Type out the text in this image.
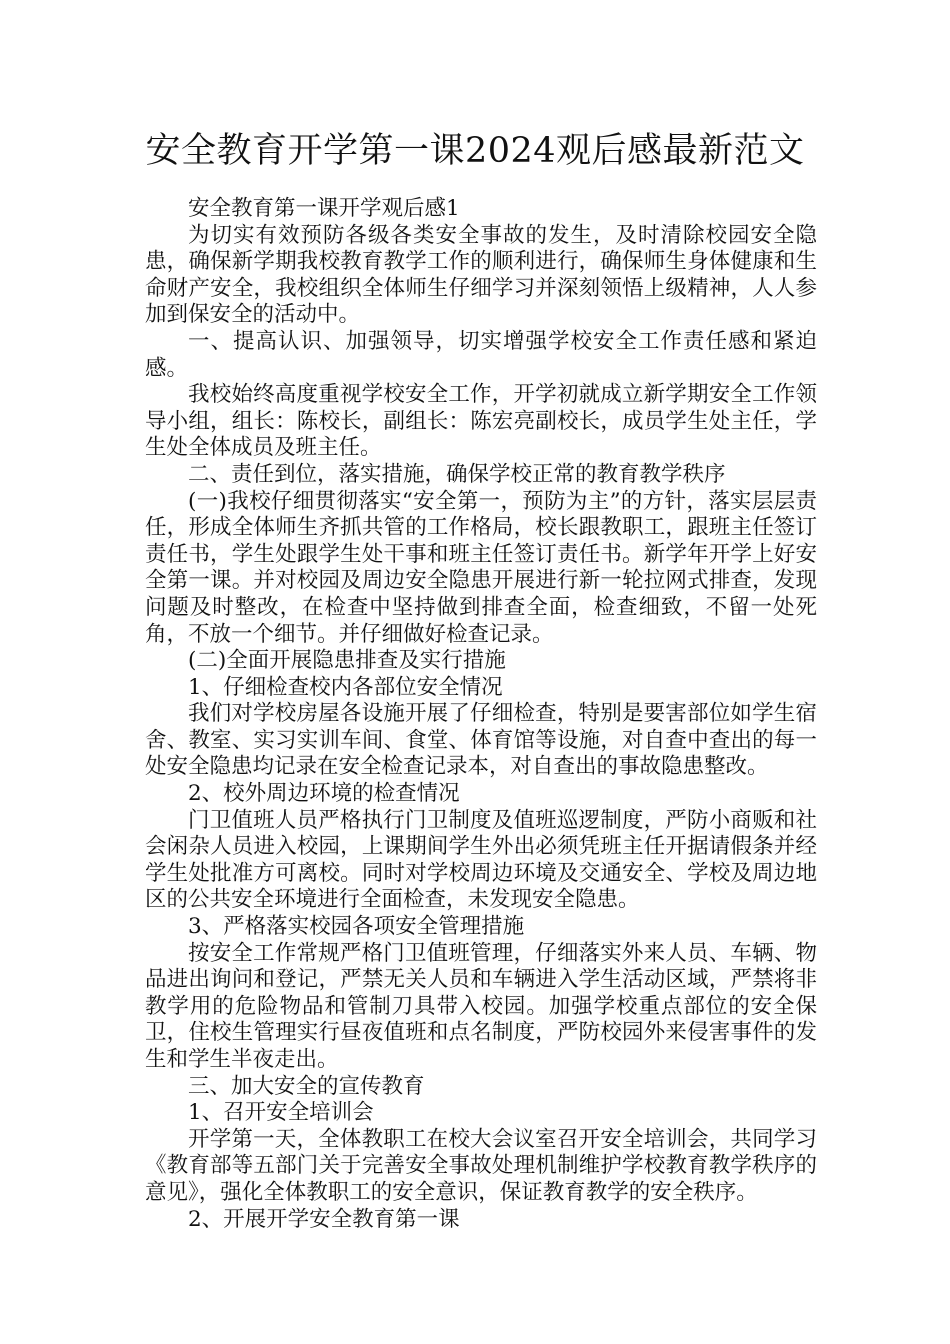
安全教育开学第一课2024观后感最新范文

安全教育第一课开学观后感1

为切实有效预防各级各类安全事故的发生，及时清除校园安全隐患，确保新学期我校教育教学工作的顺利进行，确保师生身体健康和生命财产安全，我校组织全体师生仔细学习并深刻领悟上级精神，人人参加到保安全的活动中。

一、提高认识、加强领导，切实增强学校安全工作责任感和紧迫感。

我校始终高度重视学校安全工作，开学初就成立新学期安全工作领导小组，组长：陈校长，副组长：陈宏亮副校长，成员学生处主任，学生处全体成员及班主任。

二、责任到位，落实措施，确保学校正常的教育教学秩序

(一)我校仔细贯彻落实“安全第一，预防为主”的方针，落实层层责任，形成全体师生齐抓共管的工作格局，校长跟教职工，跟班主任签订责任书，学生处跟学生处干事和班主任签订责任书。新学年开学上好安全第一课。并对校园及周边安全隐患开展进行新一轮拉网式排查，发现问题及时整改，在检查中坚持做到排查全面，检查细致，不留一处死角，不放一个细节。并仔细做好检查记录。

(二)全面开展隐患排查及实行措施

1、仔细检查校内各部位安全情况

我们对学校房屋各设施开展了仔细检查，特别是要害部位如学生宿舍、教室、实习实训车间、食堂、体育馆等设施，对自查中查出的每一处安全隐患均记录在安全检查记录本，对自查出的事故隐患整改。

2、校外周边环境的检查情况

门卫值班人员严格执行门卫制度及值班巡逻制度，严防小商贩和社会闲杂人员进入校园，上课期间学生外出必须凭班主任开据请假条并经学生处批准方可离校。同时对学校周边环境及交通安全、学校及周边地区的公共安全环境进行全面检查，未发现安全隐患。

3、严格落实校园各项安全管理措施

按安全工作常规严格门卫值班管理，仔细落实外来人员、车辆、物品进出询问和登记，严禁无关人员和车辆进入学生活动区域，严禁将非教学用的危险物品和管制刀具带入校园。加强学校重点部位的安全保卫，住校生管理实行昼夜值班和点名制度，严防校园外来侵害事件的发生和学生半夜走出。

三、加大安全的宣传教育

1、召开安全培训会

开学第一天，全体教职工在校大会议室召开安全培训会，共同学习《教育部等五部门关于完善安全事故处理机制维护学校教育教学秩序的意见》，强化全体教职工的安全意识，保证教育教学的安全秩序。

2、开展开学安全教育第一课
